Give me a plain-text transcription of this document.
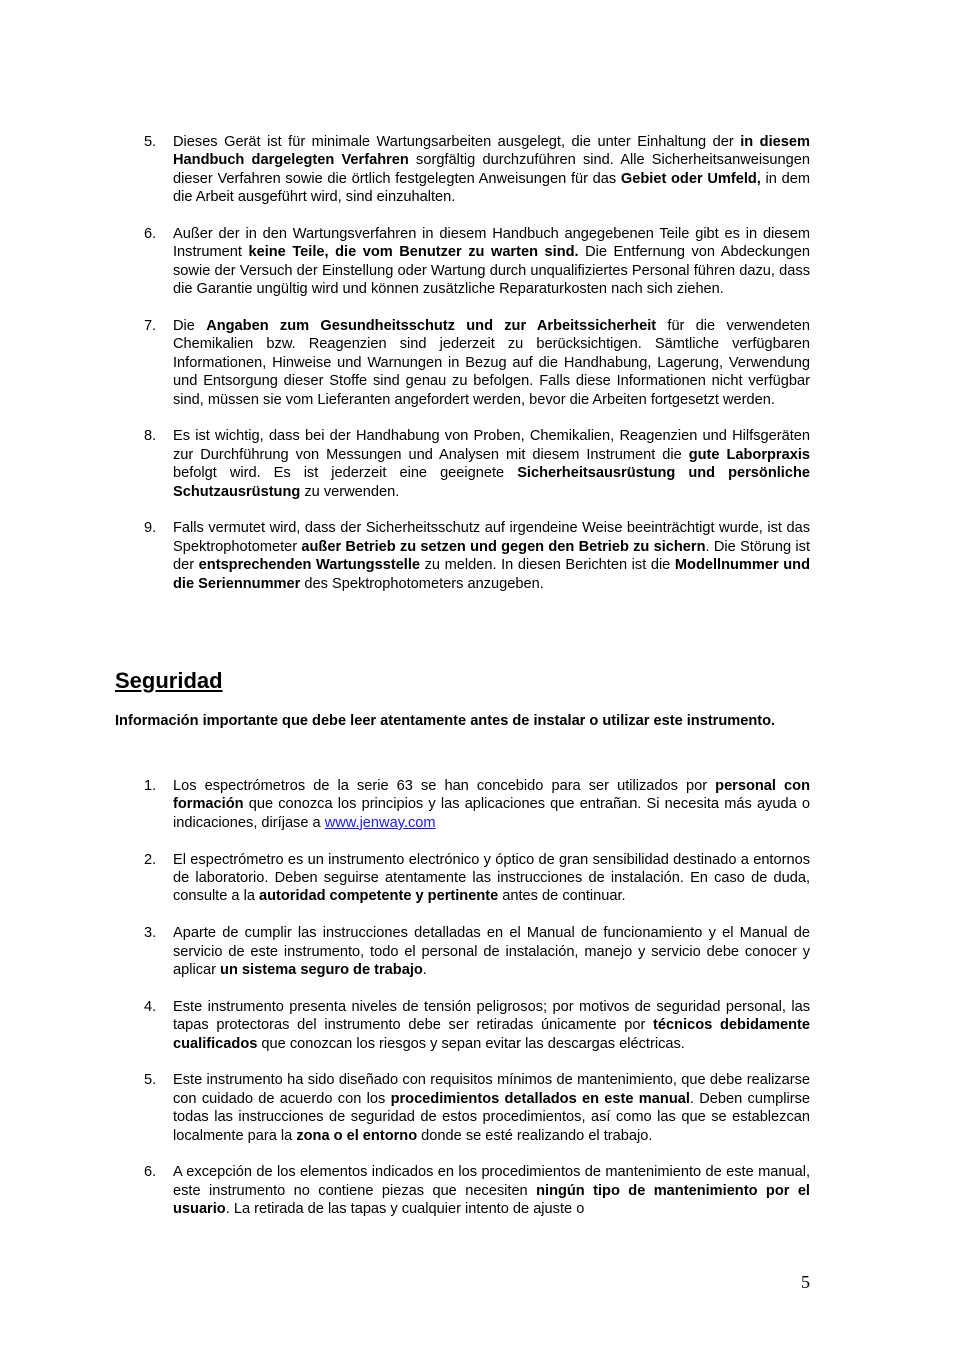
5. Dieses Gerät ist für minimale Wartungsarbeiten ausgelegt, die unter Einhaltung der in diesem Handbuch dargelegten Verfahren sorgfältig durchzuführen sind. Alle Sicherheitsanweisungen dieser Verfahren sowie die örtlich festgelegten Anweisungen für das Gebiet oder Umfeld, in dem die Arbeit ausgeführt wird, sind einzuhalten.
6. Außer der in den Wartungsverfahren in diesem Handbuch angegebenen Teile gibt es in diesem Instrument keine Teile, die vom Benutzer zu warten sind. Die Entfernung von Abdeckungen sowie der Versuch der Einstellung oder Wartung durch unqualifiziertes Personal führen dazu, dass die Garantie ungültig wird und können zusätzliche Reparaturkosten nach sich ziehen.
7. Die Angaben zum Gesundheitsschutz und zur Arbeitssicherheit für die verwendeten Chemikalien bzw. Reagenzien sind jederzeit zu berücksichtigen. Sämtliche verfügbaren Informationen, Hinweise und Warnungen in Bezug auf die Handhabung, Lagerung, Verwendung und Entsorgung dieser Stoffe sind genau zu befolgen. Falls diese Informationen nicht verfügbar sind, müssen sie vom Lieferanten angefordert werden, bevor die Arbeiten fortgesetzt werden.
8. Es ist wichtig, dass bei der Handhabung von Proben, Chemikalien, Reagenzien und Hilfsgeräten zur Durchführung von Messungen und Analysen mit diesem Instrument die gute Laborpraxis befolgt wird. Es ist jederzeit eine geeignete Sicherheitsausrüstung und persönliche Schutzausrüstung zu verwenden.
9. Falls vermutet wird, dass der Sicherheitsschutz auf irgendeine Weise beeinträchtigt wurde, ist das Spektrophotometer außer Betrieb zu setzen und gegen den Betrieb zu sichern. Die Störung ist der entsprechenden Wartungsstelle zu melden. In diesen Berichten ist die Modellnummer und die Seriennummer des Spektrophotometers anzugeben.
Seguridad

Información importante que debe leer atentamente antes de instalar o utilizar este instrumento.

1. Los espectrómetros de la serie 63 se han concebido para ser utilizados por personal con formación que conozca los principios y las aplicaciones que entrañan. Si necesita más ayuda o indicaciones, diríjase a www.jenway.com
2. El espectrómetro es un instrumento electrónico y óptico de gran sensibilidad destinado a entornos de laboratorio. Deben seguirse atentamente las instrucciones de instalación. En caso de duda, consulte a la autoridad competente y pertinente antes de continuar.
3. Aparte de cumplir las instrucciones detalladas en el Manual de funcionamiento y el Manual de servicio de este instrumento, todo el personal de instalación, manejo y servicio debe conocer y aplicar un sistema seguro de trabajo.
4. Este instrumento presenta niveles de tensión peligrosos; por motivos de seguridad personal, las tapas protectoras del instrumento debe ser retiradas únicamente por técnicos debidamente cualificados que conozcan los riesgos y sepan evitar las descargas eléctricas.
5. Este instrumento ha sido diseñado con requisitos mínimos de mantenimiento, que debe realizarse con cuidado de acuerdo con los procedimientos detallados en este manual. Deben cumplirse todas las instrucciones de seguridad de estos procedimientos, así como las que se establezcan localmente para la zona o el entorno donde se esté realizando el trabajo.
6. A excepción de los elementos indicados en los procedimientos de mantenimiento de este manual, este instrumento no contiene piezas que necesiten ningún tipo de mantenimiento por el usuario. La retirada de las tapas y cualquier intento de ajuste o
5
